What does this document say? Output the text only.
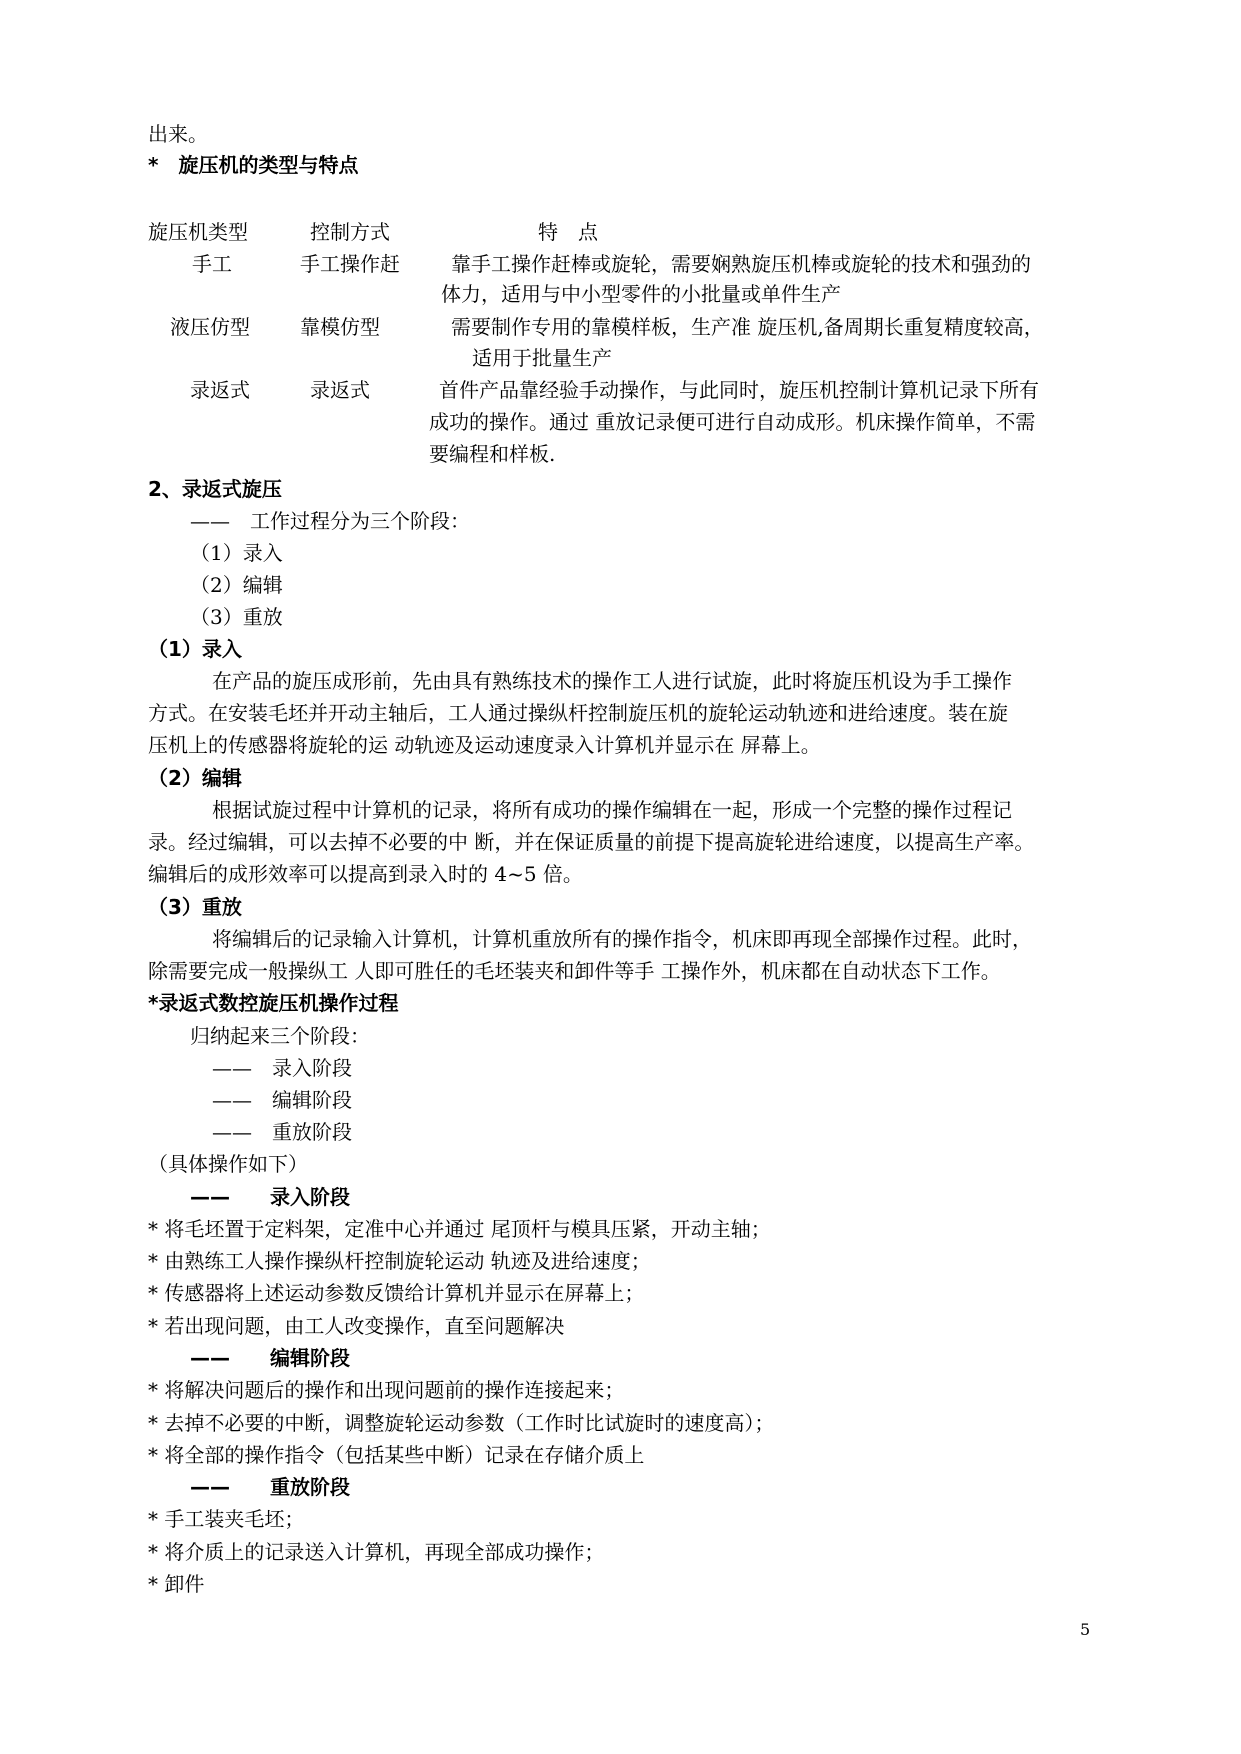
出来。
*　旋压机的类型与特点
旋压机类型	控制方式	特　点
手工	手工操作赶	靠手工操作赶棒或旋轮，需要娴熟旋压机棒或旋轮的技术和强劲的
体力，适用与中小型零件的小批量或单件生产
液压仿型	靠模仿型	需要制作专用的靠模样板，生产准 旋压机,备周期长重复精度较高，
适用于批量生产
录返式	录返式	首件产品靠经验手动操作，与此同时，旋压机控制计算机记录下所有
成功的操作。通过 重放记录便可进行自动成形。机床操作简单，不需
要编程和样板.
2、录返式旋压
——　工作过程分为三个阶段：
（1）录入
（2）编辑
（3）重放
（1）录入
在产品的旋压成形前，先由具有熟练技术的操作工人进行试旋，此时将旋压机设为手工操作
方式。在安装毛坯并开动主轴后，工人通过操纵杆控制旋压机的旋轮运动轨迹和进给速度。装在旋
压机上的传感器将旋轮的运 动轨迹及运动速度录入计算机并显示在 屏幕上。
（2）编辑
根据试旋过程中计算机的记录，将所有成功的操作编辑在一起，形成一个完整的操作过程记
录。经过编辑，可以去掉不必要的中 断，并在保证质量的前提下提高旋轮进给速度，以提高生产率。
编辑后的成形效率可以提高到录入时的 4~5 倍。
（3）重放
将编辑后的记录输入计算机，计算机重放所有的操作指令，机床即再现全部操作过程。此时，
除需要完成一般操纵工 人即可胜任的毛坯装夹和卸件等手 工操作外，机床都在自动状态下工作。
*录返式数控旋压机操作过程
归纳起来三个阶段：
——　录入阶段
——　编辑阶段
——　重放阶段
（具体操作如下）
——　　录入阶段
* 将毛坯置于定料架，定准中心并通过 尾顶杆与模具压紧，开动主轴；
* 由熟练工人操作操纵杆控制旋轮运动 轨迹及进给速度；
* 传感器将上述运动参数反馈给计算机并显示在屏幕上；
* 若出现问题，由工人改变操作，直至问题解决
——　　编辑阶段
* 将解决问题后的操作和出现问题前的操作连接起来；
* 去掉不必要的中断，调整旋轮运动参数（工作时比试旋时的速度高）；
* 将全部的操作指令（包括某些中断）记录在存储介质上
——　　重放阶段
* 手工装夹毛坯；
* 将介质上的记录送入计算机，再现全部成功操作；
* 卸件
5
